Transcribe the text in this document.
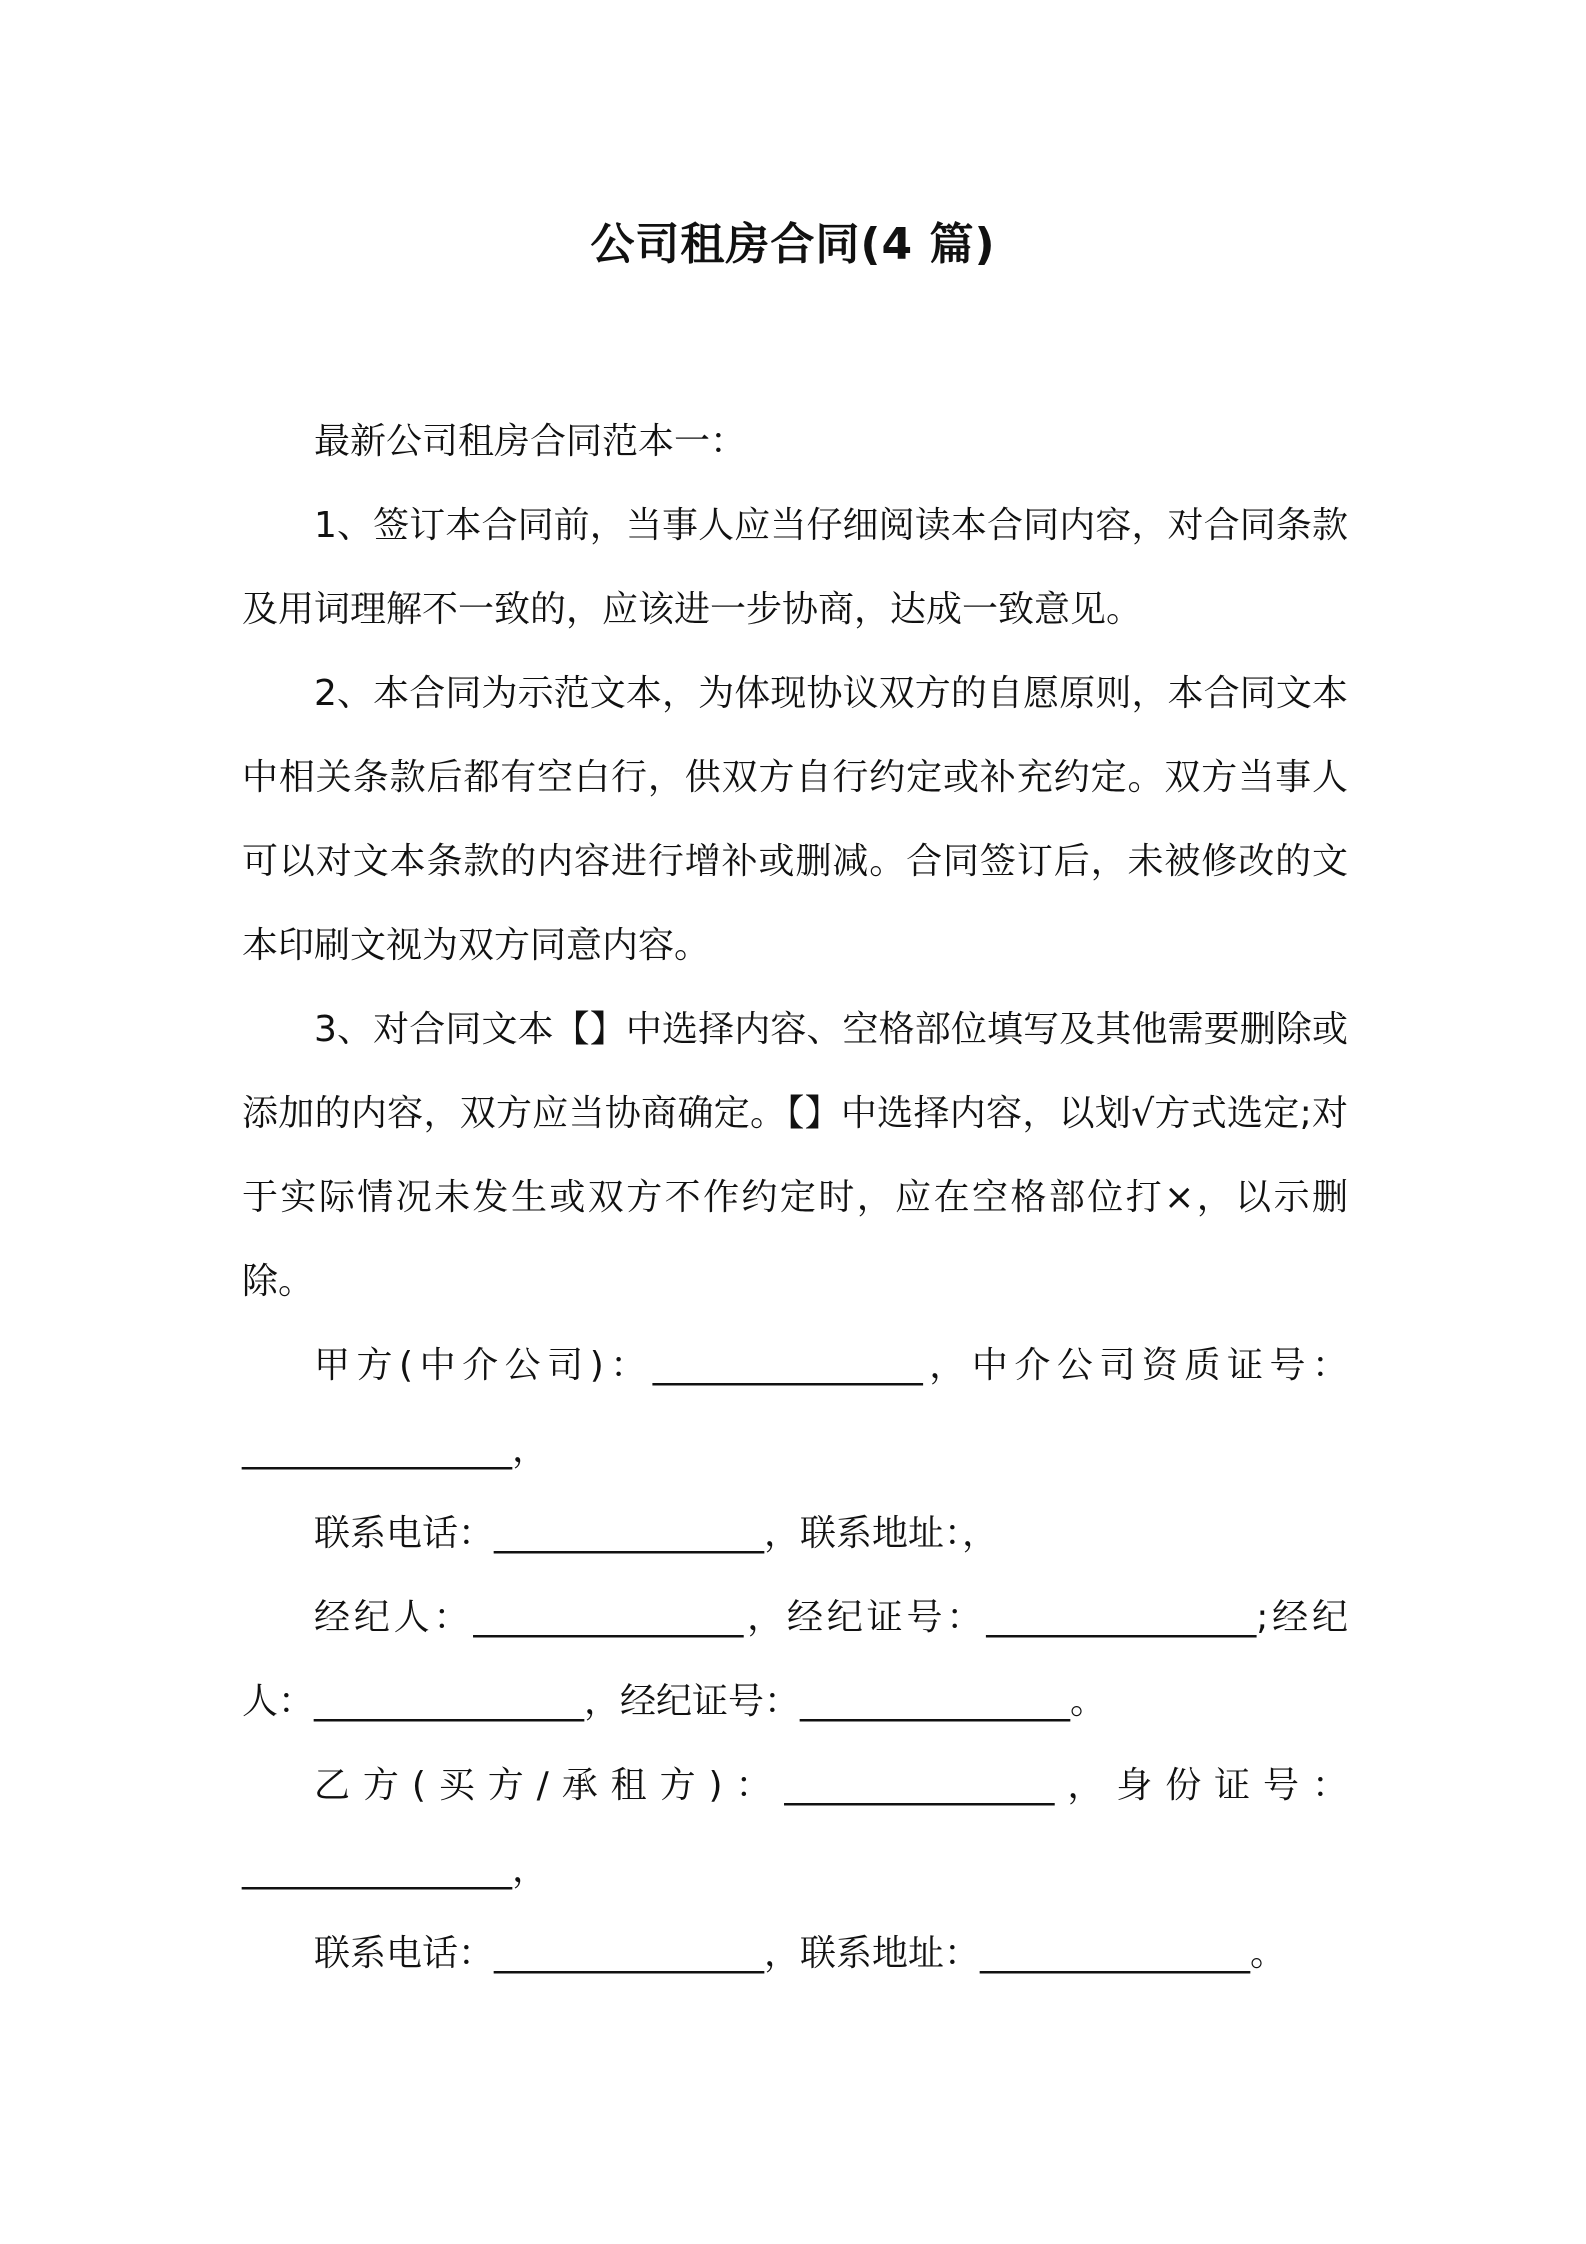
公司租房合同(4 篇)

最新公司租房合同范本一：

1、签订本合同前，当事人应当仔细阅读本合同内容，对合同条款及用词理解不一致的，应该进一步协商，达成一致意见。

2、本合同为示范文本，为体现协议双方的自愿原则，本合同文本中相关条款后都有空白行，供双方自行约定或补充约定。双方当事人可以对文本条款的内容进行增补或删减。合同签订后，未被修改的文本印刷文视为双方同意内容。

3、对合同文本【】中选择内容、空格部位填写及其他需要删除或添加的内容，双方应当协商确定。【】中选择内容，以划√方式选定;对于实际情况未发生或双方不作约定时，应在空格部位打×，以示删除。

甲方(中介公司)：_______________，中介公司资质证号：_______________，

联系电话：_______________，联系地址：，

经纪人：_______________，经纪证号：_______________;经纪人：_______________，经纪证号：_______________。

乙方(买方/承租方)：_______________，身份证号：_______________，

联系电话：_______________，联系地址：_______________。
